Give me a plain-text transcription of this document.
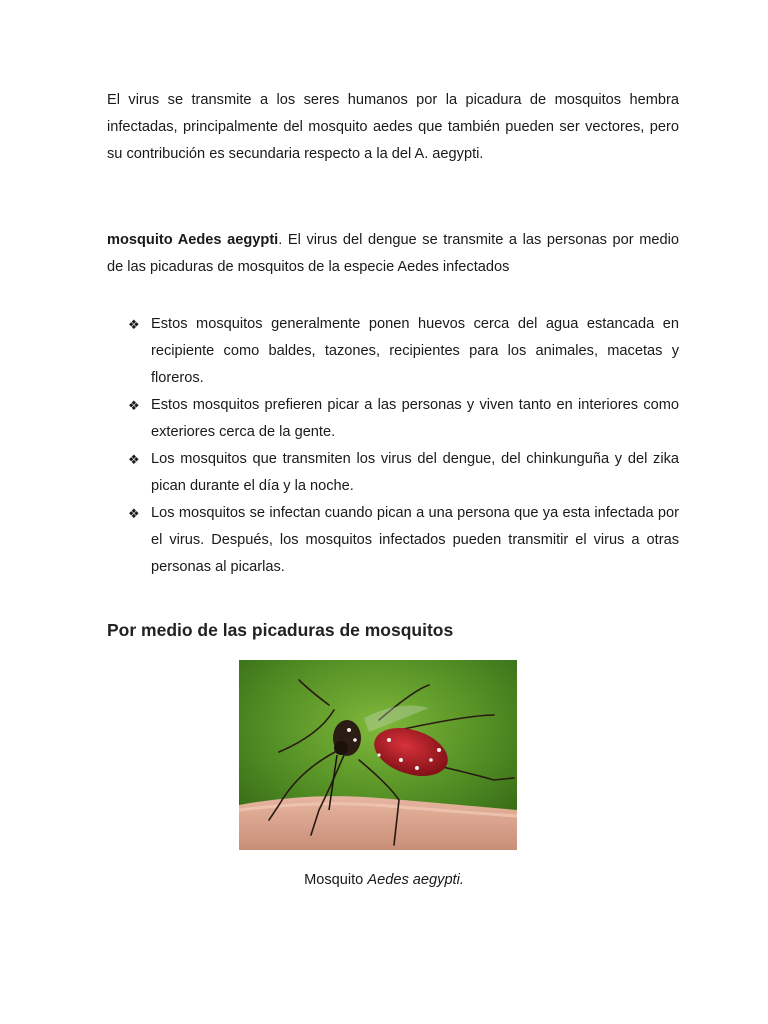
El virus se transmite a los seres humanos por la picadura de mosquitos hembra infectadas, principalmente del mosquito aedes que también pueden ser vectores, pero su contribución es secundaria respecto a la del A. aegypti.

mosquito Aedes aegypti. El virus del dengue se transmite a las personas por medio de las picaduras de mosquitos de la especie Aedes infectados

❖ Estos mosquitos generalmente ponen huevos cerca del agua estancada en recipiente como baldes, tazones, recipientes para los animales, macetas y floreros.
❖ Estos mosquitos prefieren picar a las personas y viven tanto en interiores como exteriores cerca de la gente.
❖ Los mosquitos que transmiten los virus del dengue, del chinkunguña y del zika pican durante el día y la noche.
❖ Los mosquitos se infectan cuando pican a una persona que ya esta infectada por el virus. Después, los mosquitos infectados pueden transmitir el virus a otras personas al picarlas.
Por medio de las picaduras de mosquitos

Mosquito Aedes aegypti.
